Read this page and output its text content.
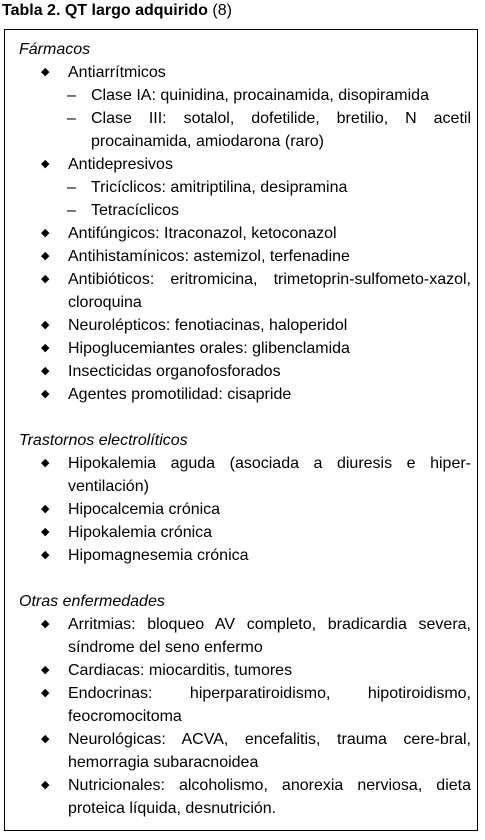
Tabla 2. QT largo adquirido (8)
Fármacos
◆ Antiarrítmicos
– Clase IA: quinidina, procainamida, disopiramida
– Clase III: sotalol, dofetilide, bretilio, N acetil procainamida, amiodarona (raro)
◆ Antidepresivos
– Tricíclicos: amitriptilina, desipramina
– Tetracíclicos
◆ Antifúngicos: Itraconazol, ketoconazol
◆ Antihistamínicos: astemizol, terfenadine
◆ Antibióticos: eritromicina, trimetoprin-sulfometo-xazol, cloroquina
◆ Neurolépticos: fenotiacinas, haloperidol
◆ Hipoglucemiantes orales: glibenclamida
◆ Insecticidas organofosforados
◆ Agentes promotilidad: cisapride
Trastornos electrolíticos
◆ Hipokalemia aguda (asociada a diuresis e hiper-ventilación)
◆ Hipocalcemia crónica
◆ Hipokalemia crónica
◆ Hipomagnesemia crónica
Otras enfermedades
◆ Arritmias: bloqueo AV completo, bradicardia severa, síndrome del seno enfermo
◆ Cardiacas: miocarditis, tumores
◆ Endocrinas: hiperparatiroidismo, hipotiroidismo, feocromocitoma
◆ Neurológicas: ACVA, encefalitis, trauma cere-bral, hemorragia subaracnoidea
◆ Nutricionales: alcoholismo, anorexia nerviosa, dieta proteica líquida, desnutrición.
